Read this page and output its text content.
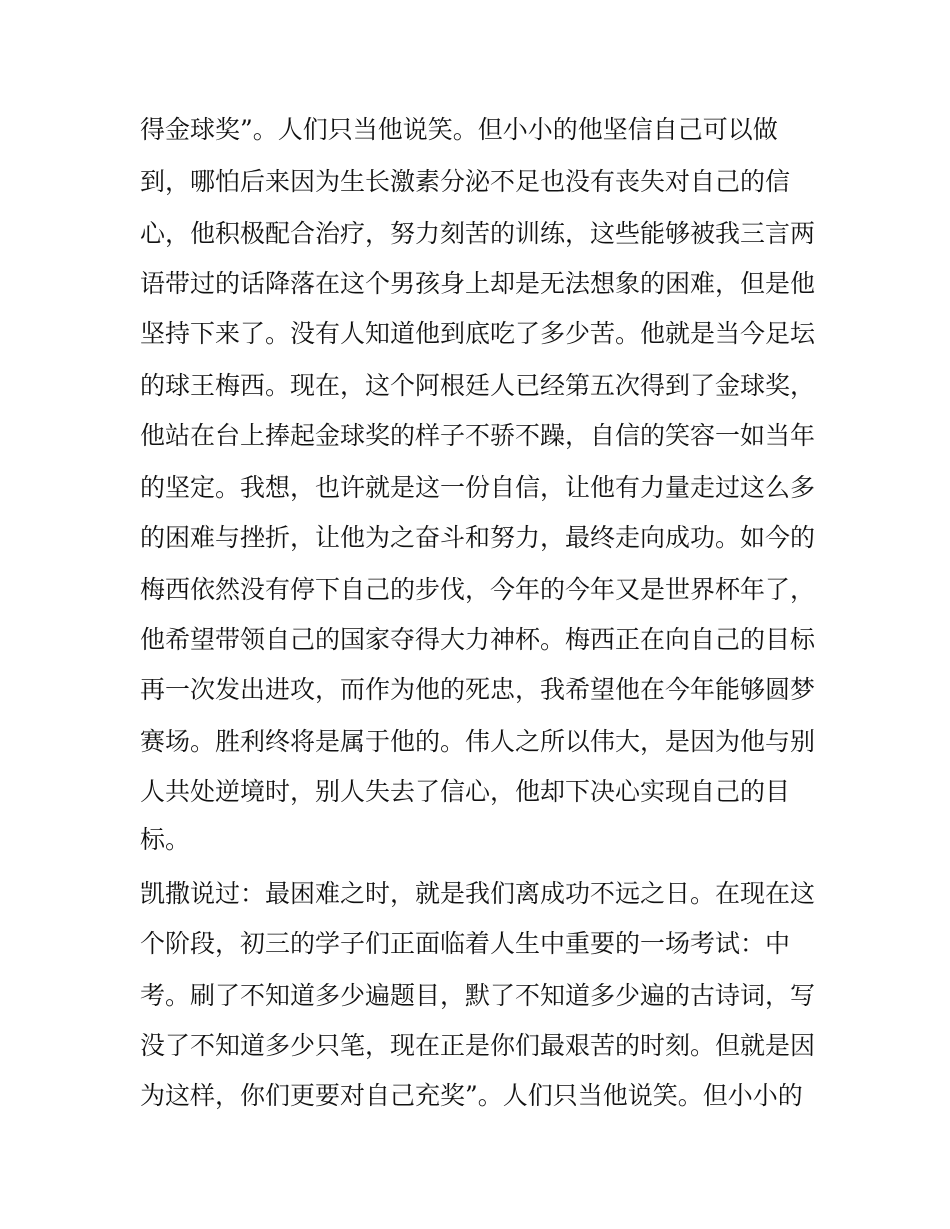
得金球奖”。人们只当他说笑。但小小的他坚信自己可以做
到，哪怕后来因为生长激素分泌不足也没有丧失对自己的信
心，他积极配合治疗，努力刻苦的训练，这些能够被我三言两
语带过的话降落在这个男孩身上却是无法想象的困难，但是他
坚持下来了。没有人知道他到底吃了多少苦。他就是当今足坛
的球王梅西。现在，这个阿根廷人已经第五次得到了金球奖，
他站在台上捧起金球奖的样子不骄不躁，自信的笑容一如当年
的坚定。我想，也许就是这一份自信，让他有力量走过这么多
的困难与挫折，让他为之奋斗和努力，最终走向成功。如今的
梅西依然没有停下自己的步伐，今年的今年又是世界杯年了，
他希望带领自己的国家夺得大力神杯。梅西正在向自己的目标
再一次发出进攻，而作为他的死忠，我希望他在今年能够圆梦
赛场。胜利终将是属于他的。伟人之所以伟大，是因为他与别
人共处逆境时，别人失去了信心，他却下决心实现自己的目
标。
凯撒说过：最困难之时，就是我们离成功不远之日。在现在这
个阶段，初三的学子们正面临着人生中重要的一场考试：中
考。刷了不知道多少遍题目，默了不知道多少遍的古诗词，写
没了不知道多少只笔，现在正是你们最艰苦的时刻。但就是因
为这样，你们更要对自己充奖”。人们只当他说笑。但小小的
